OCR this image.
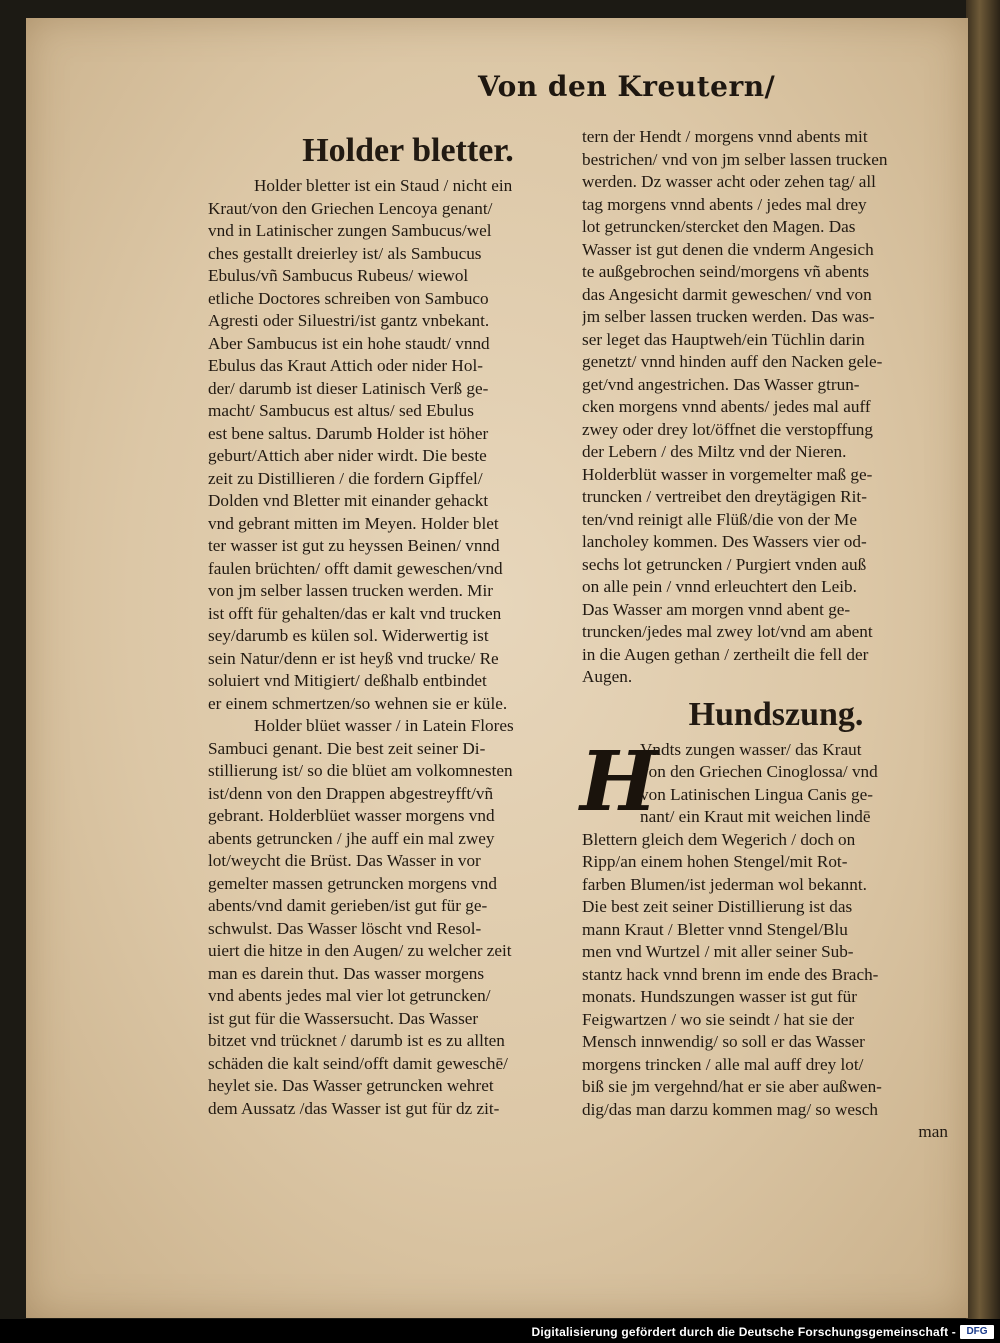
Von den Kreutern/
Holder bletter.
Holder bletter ist ein Staud / nicht ein
Kraut/von den Griechen Lencoya genant/
vnd in Latinischer zungen Sambucus/wel
ches gestallt dreierley ist/ als Sambucus
Ebulus/vñ Sambucus Rubeus/ wiewol
etliche Doctores schreiben von Sambuco
Agresti oder Siluestri/ist gantz vnbekant.
Aber Sambucus ist ein hohe staudt/ vnnd
Ebulus das Kraut Attich oder nider Hol-
der/ darumb ist dieser Latinisch Verß ge-
macht/ Sambucus est altus/ sed Ebulus
est bene saltus. Darumb Holder ist höher
geburt/Attich aber nider wirdt. Die beste
zeit zu Distillieren / die fordern Gipffel/
Dolden vnd Bletter mit einander gehackt
vnd gebrant mitten im Meyen. Holder blet
ter wasser ist gut zu heyssen Beinen/ vnnd
faulen brüchten/ offt damit geweschen/vnd
von jm selber lassen trucken werden. Mir
ist offt für gehalten/das er kalt vnd trucken
sey/darumb es külen sol. Widerwertig ist
sein Natur/denn er ist heyß vnd trucke/ Re
soluiert vnd Mitigiert/ deßhalb entbindet
er einem schmertzen/so wehnen sie er küle.
Holder blüet wasser / in Latein Flores
Sambuci genant. Die best zeit seiner Di-
stillierung ist/ so die blüet am volkomnesten
ist/denn von den Drappen abgestreyfft/vñ
gebrant. Holderblüet wasser morgens vnd
abents getruncken / jhe auff ein mal zwey
lot/weycht die Brüst. Das Wasser in vor
gemelter massen getruncken morgens vnd
abents/vnd damit gerieben/ist gut für ge-
schwulst. Das Wasser löscht vnd Resol-
uiert die hitze in den Augen/ zu welcher zeit
man es darein thut. Das wasser morgens
vnd abents jedes mal vier lot getruncken/
ist gut für die Wassersucht. Das Wasser
bitzet vnd trücknet / darumb ist es zu allten
schäden die kalt seind/offt damit geweschē/
heylet sie. Das Wasser getruncken wehret
dem Aussatz /das Wasser ist gut für dz zit-
tern der Hendt / morgens vnnd abents mit
bestrichen/ vnd von jm selber lassen trucken
werden. Dz wasser acht oder zehen tag/ all
tag morgens vnnd abents / jedes mal drey
lot getruncken/stercket den Magen. Das
Wasser ist gut denen die vnderm Angesich
te außgebrochen seind/morgens vñ abents
das Angesicht darmit geweschen/ vnd von
jm selber lassen trucken werden. Das was-
ser leget das Hauptweh/ein Tüchlin darin
genetzt/ vnnd hinden auff den Nacken gele-
get/vnd angestrichen. Das Wasser gtrun-
cken morgens vnnd abents/ jedes mal auff
zwey oder drey lot/öffnet die verstopffung
der Lebern / des Miltz vnd der Nieren.
Holderblüt wasser in vorgemelter maß ge-
truncken / vertreibet den dreytägigen Rit-
ten/vnd reinigt alle Flüß/die von der Me
lancholey kommen. Des Wassers vier od-
sechs lot getruncken / Purgiert vnden auß
on alle pein / vnnd erleuchtert den Leib.
Das Wasser am morgen vnnd abent ge-
truncken/jedes mal zwey lot/vnd am abent
in die Augen gethan / zertheilt die fell der
Augen.
Hundszung.
H
Vndts zungen wasser/ das Kraut
von den Griechen Cinoglossa/ vnd
von Latinischen Lingua Canis ge-
nant/ ein Kraut mit weichen lindē
Blettern gleich dem Wegerich / doch on
Ripp/an einem hohen Stengel/mit Rot-
farben Blumen/ist jederman wol bekannt.
Die best zeit seiner Distillierung ist das
mann Kraut / Bletter vnnd Stengel/Blu
men vnd Wurtzel / mit aller seiner Sub-
stantz hack vnnd brenn im ende des Brach-
monats. Hundszungen wasser ist gut für
Feigwartzen / wo sie seindt / hat sie der
Mensch innwendig/ so soll er das Wasser
morgens trincken / alle mal auff drey lot/
biß sie jm vergehnd/hat er sie aber außwen-
dig/das man darzu kommen mag/ so wesch
man
Digitalisierung gefördert durch die Deutsche Forschungsgemeinschaft -	DFG
